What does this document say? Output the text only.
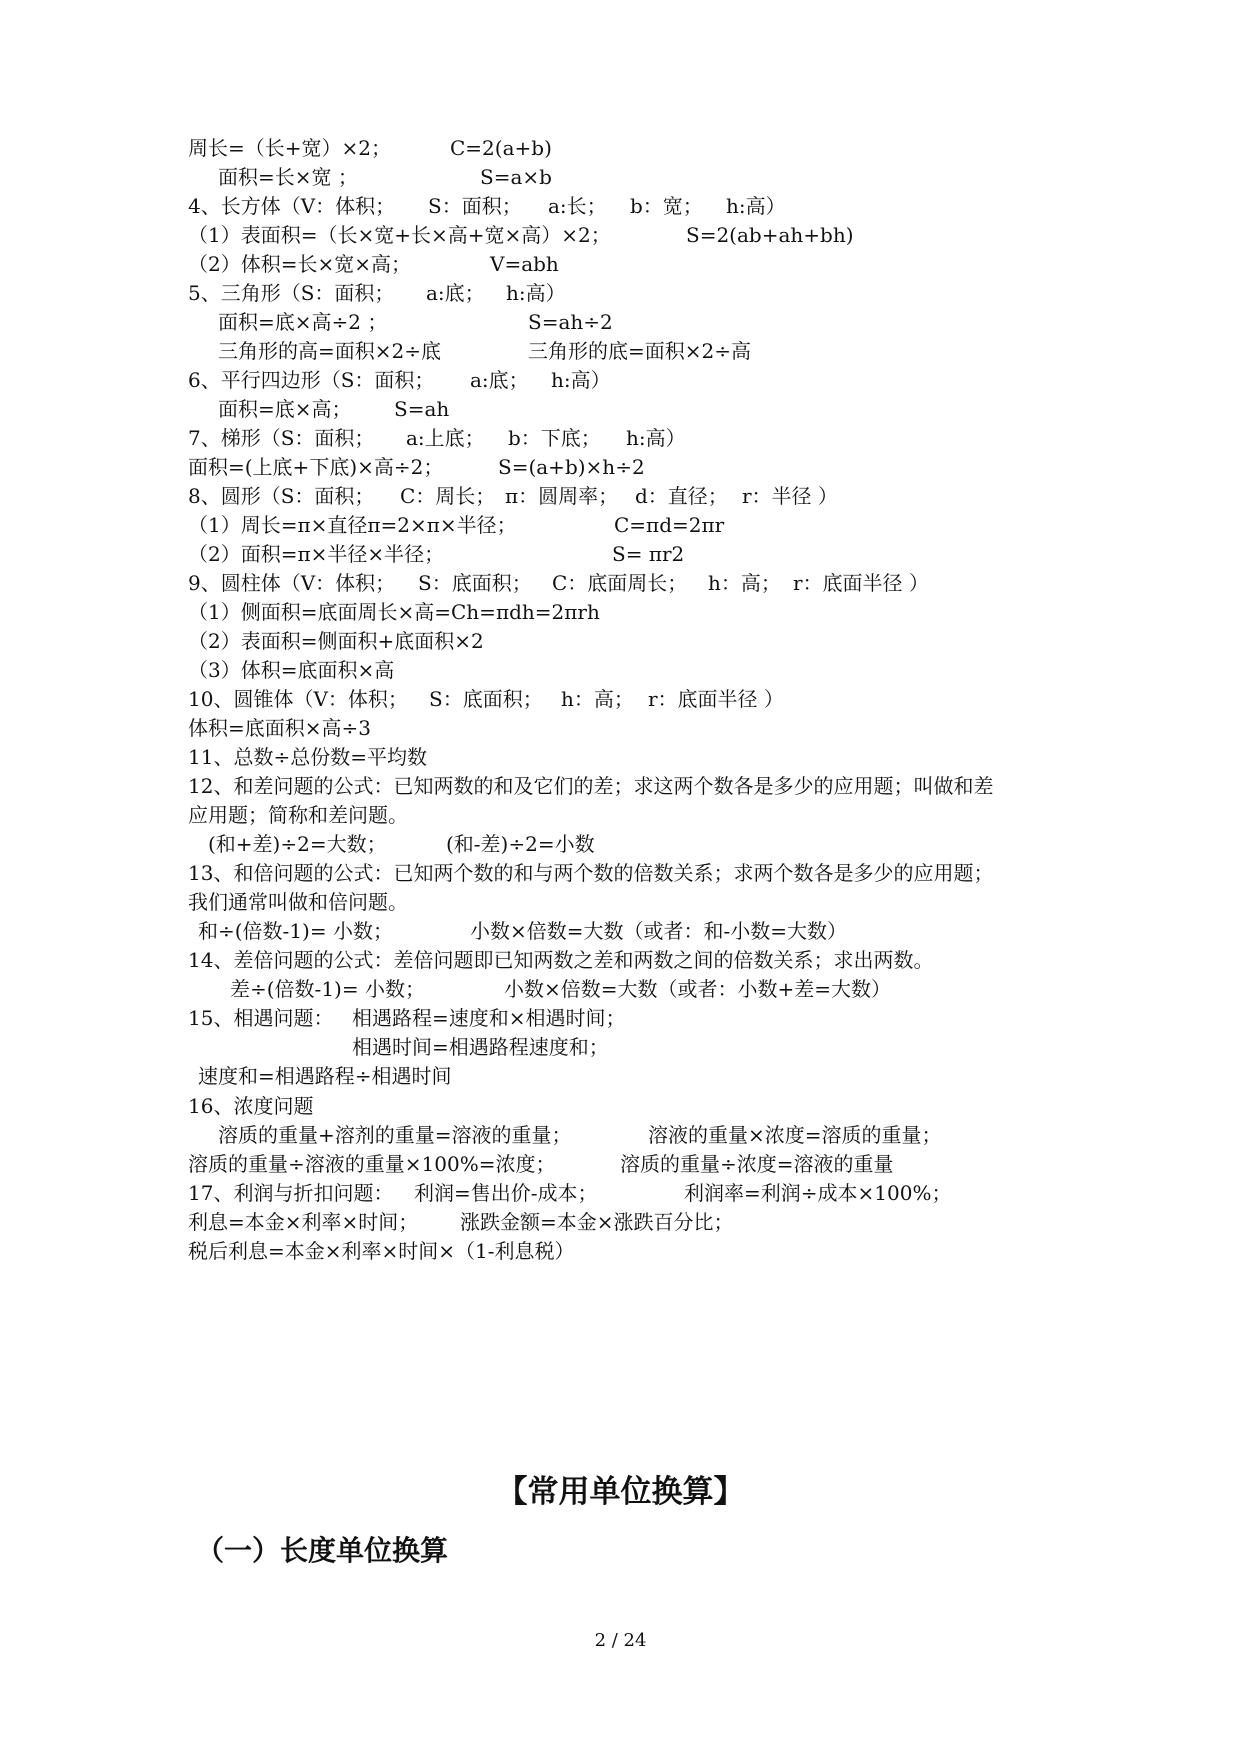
周长=（长+宽）×2；	C=2(a+b)
面积=长×宽 ；	S=a×b
4、长方体（V：体积； S：面积； a:长； b：宽； h:高）
（1）表面积=（长×宽+长×高+宽×高）×2；	S=2(ab+ah+bh)
（2）体积=长×宽×高；	V=abh
5、三角形（S：面积； a:底； h:高）
面积=底×高÷2 ；	S=ah÷2
三角形的高=面积×2÷底	三角形的底=面积×2÷高
6、平行四边形（S：面积； a:底； h:高）
面积=底×高； S=ah
7、梯形（S：面积； a:上底； b：下底； h:高）
面积=(上底+下底)×高÷2；	S=(a+b)×h÷2
8、圆形（S：面积； C：周长； π：圆周率； d：直径； r：半径 ）
（1）周长=π×直径π=2×π×半径；	C=πd=2πr
（2）面积=π×半径×半径；	S= πr2
9、圆柱体（V：体积； S：底面积； C：底面周长； h：高； r：底面半径 ）
（1）侧面积=底面周长×高=Ch=πdh=2πrh
（2）表面积=侧面积+底面积×2
（3）体积=底面积×高
10、圆锥体（V：体积； S：底面积； h：高； r：底面半径 ）
体积=底面积×高÷3
11、总数÷总份数=平均数
12、和差问题的公式：已知两数的和及它们的差；求这两个数各是多少的应用题；叫做和差
应用题；简称和差问题。
(和+差)÷2=大数；	(和-差)÷2=小数
13、和倍问题的公式：已知两个数的和与两个数的倍数关系；求两个数各是多少的应用题；
我们通常叫做和倍问题。
和÷(倍数-1)= 小数；	小数×倍数=大数（或者：和-小数=大数）
14、差倍问题的公式：差倍问题即已知两数之差和两数之间的倍数关系；求出两数。
差÷(倍数-1)= 小数；	小数×倍数=大数（或者：小数+差=大数）
15、相遇问题： 相遇路程=速度和×相遇时间；
相遇时间=相遇路程速度和；
速度和=相遇路程÷相遇时间
16、浓度问题
溶质的重量+溶剂的重量=溶液的重量；	溶液的重量×浓度=溶质的重量；
溶质的重量÷溶液的重量×100%=浓度；	溶质的重量÷浓度=溶液的重量
17、利润与折扣问题： 利润=售出价-成本；	利润率=利润÷成本×100%；
利息=本金×利率×时间； 涨跌金额=本金×涨跌百分比；
税后利息=本金×利率×时间×（1-利息税）
【常用单位换算】
（一）长度单位换算
2 / 24
